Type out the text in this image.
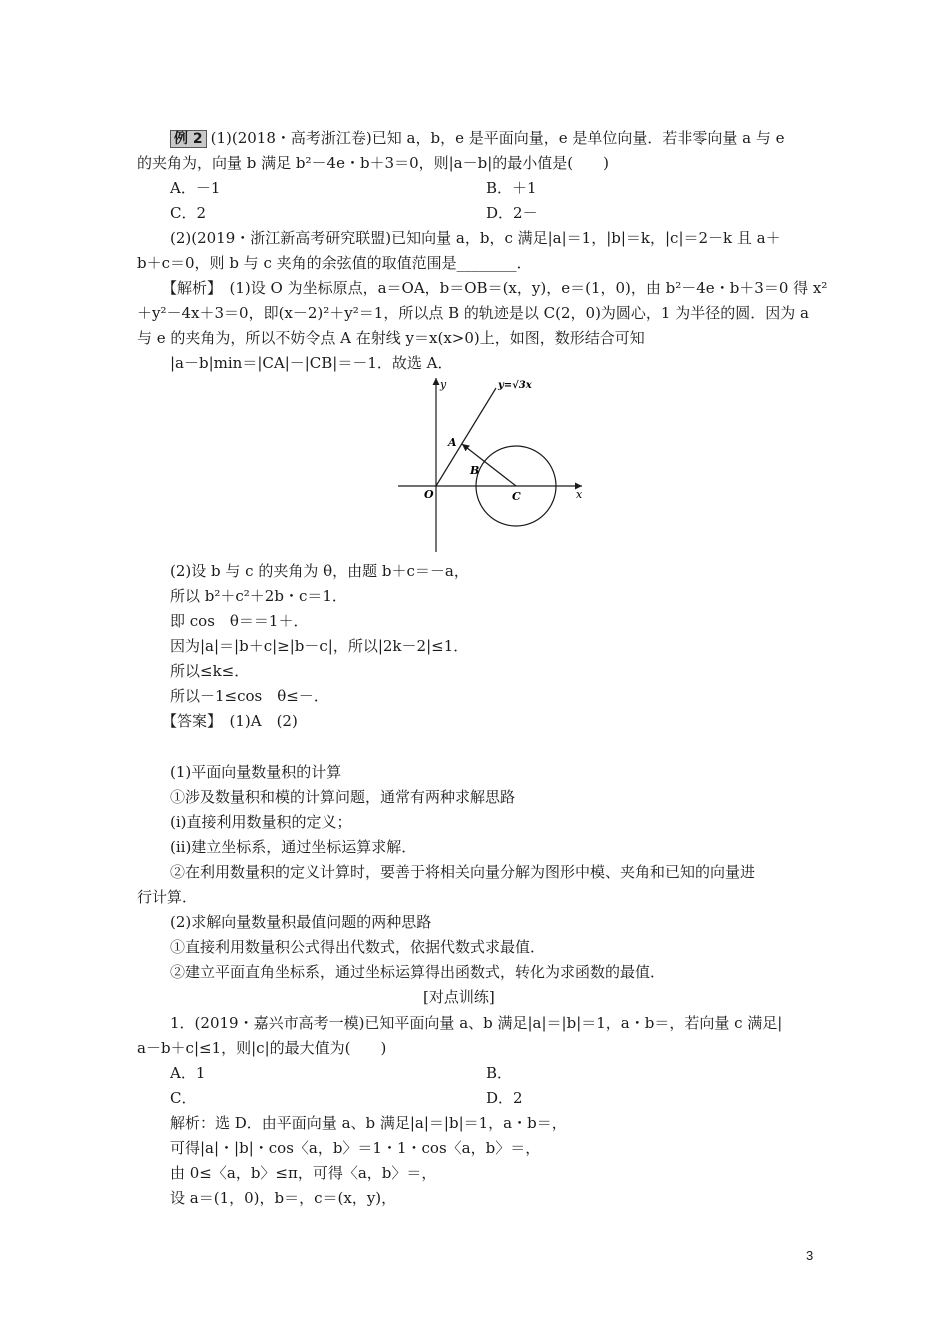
例 2 (1)(2018・高考浙江卷)已知 a，b，e 是平面向量，e 是单位向量．若非零向量 a 与 e
的夹角为，向量 b 满足 b²－4e・b＋3＝0，则|a－b|的最小值是(　　)
A．－1	B．＋1
C．2	D．2－
(2)(2019・浙江新高考研究联盟)已知向量 a，b，c 满足|a|＝1，|b|＝k，|c|＝2－k 且 a＋
b＋c＝0，则 b 与 c 夹角的余弦值的取值范围是________．
【解析】　(1)设 O 为坐标原点，a＝OA，b＝OB＝(x，y)，e＝(1，0)，由 b²－4e・b＋3＝0 得 x²
＋y²－4x＋3＝0，即(x－2)²＋y²＝1，所以点 B 的轨迹是以 C(2，0)为圆心，1 为半径的圆．因为 a
与 e 的夹角为，所以不妨令点 A 在射线 y＝x(x>0)上，如图，数形结合可知
|a－b|min＝|CA|－|CB|＝－1．故选 A．
y
x
O
A
B
C
y=√3x
(2)设 b 与 c 的夹角为 θ，由题 b＋c＝－a，
所以 b²＋c²＋2b・c＝1．
即 cos　θ＝＝1＋．
因为|a|＝|b＋c|≥|b－c|，所以|2k－2|≤1．
所以≤k≤．
所以－1≤cos　θ≤－．
【答案】　(1)A　(2)
(1)平面向量数量积的计算
①涉及数量积和模的计算问题，通常有两种求解思路
(ⅰ)直接利用数量积的定义；
(ⅱ)建立坐标系，通过坐标运算求解．
②在利用数量积的定义计算时，要善于将相关向量分解为图形中模、夹角和已知的向量进
行计算．
(2)求解向量数量积最值问题的两种思路
①直接利用数量积公式得出代数式，依据代数式求最值．
②建立平面直角坐标系，通过坐标运算得出函数式，转化为求函数的最值．
[对点训练]
1．(2019・嘉兴市高考一模)已知平面向量 a、b 满足|a|＝|b|＝1，a・b＝，若向量 c 满足|
a－b＋c|≤1，则|c|的最大值为(　　)
A．1	B．
C．	D．2
解析：选 D．由平面向量 a、b 满足|a|＝|b|＝1，a・b＝，
可得|a|・|b|・cos〈a，b〉＝1・1・cos〈a，b〉＝，
由 0≤〈a，b〉≤π，可得〈a，b〉＝，
设 a＝(1，0)，b＝，c＝(x，y)，
3
